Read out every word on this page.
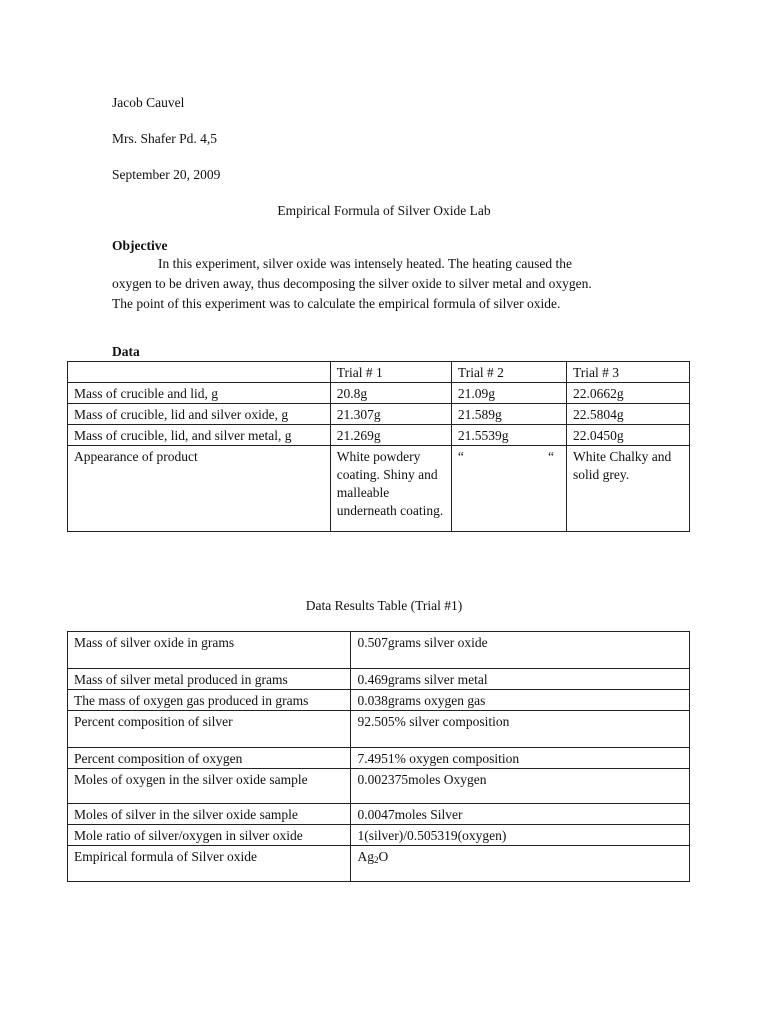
Jacob Cauvel
Mrs. Shafer Pd. 4,5
September 20, 2009
Empirical Formula of Silver Oxide Lab
Objective

In this experiment, silver oxide was intensely heated. The heating caused the

oxygen to be driven away, thus decomposing the silver oxide to silver metal and oxygen.

The point of this experiment was to calculate the empirical formula of silver oxide.

Data
	Trial # 1	Trial # 2	Trial # 3
Mass of crucible and lid, g	20.8g	21.09g	22.0662g
Mass of crucible, lid and silver oxide, g	21.307g	21.589g	22.5804g
Mass of crucible, lid, and silver metal, g	21.269g	21.5539g	22.0450g
Appearance of product	White powdery coating. Shiny and malleable underneath coating.	“ “	White Chalky and solid grey.
Data Results Table (Trial #1)
Mass of silver oxide in grams	0.507grams silver oxide
Mass of silver metal produced in grams	0.469grams silver metal
The mass of oxygen gas produced in grams	0.038grams oxygen gas
Percent composition of silver	92.505% silver composition
Percent composition of oxygen	7.4951% oxygen composition
Moles of oxygen in the silver oxide sample	0.002375moles Oxygen
Moles of silver in the silver oxide sample	0.0047moles Silver
Mole ratio of silver/oxygen in silver oxide	1(silver)/0.505319(oxygen)
Empirical formula of Silver oxide	$Ag_2O$
